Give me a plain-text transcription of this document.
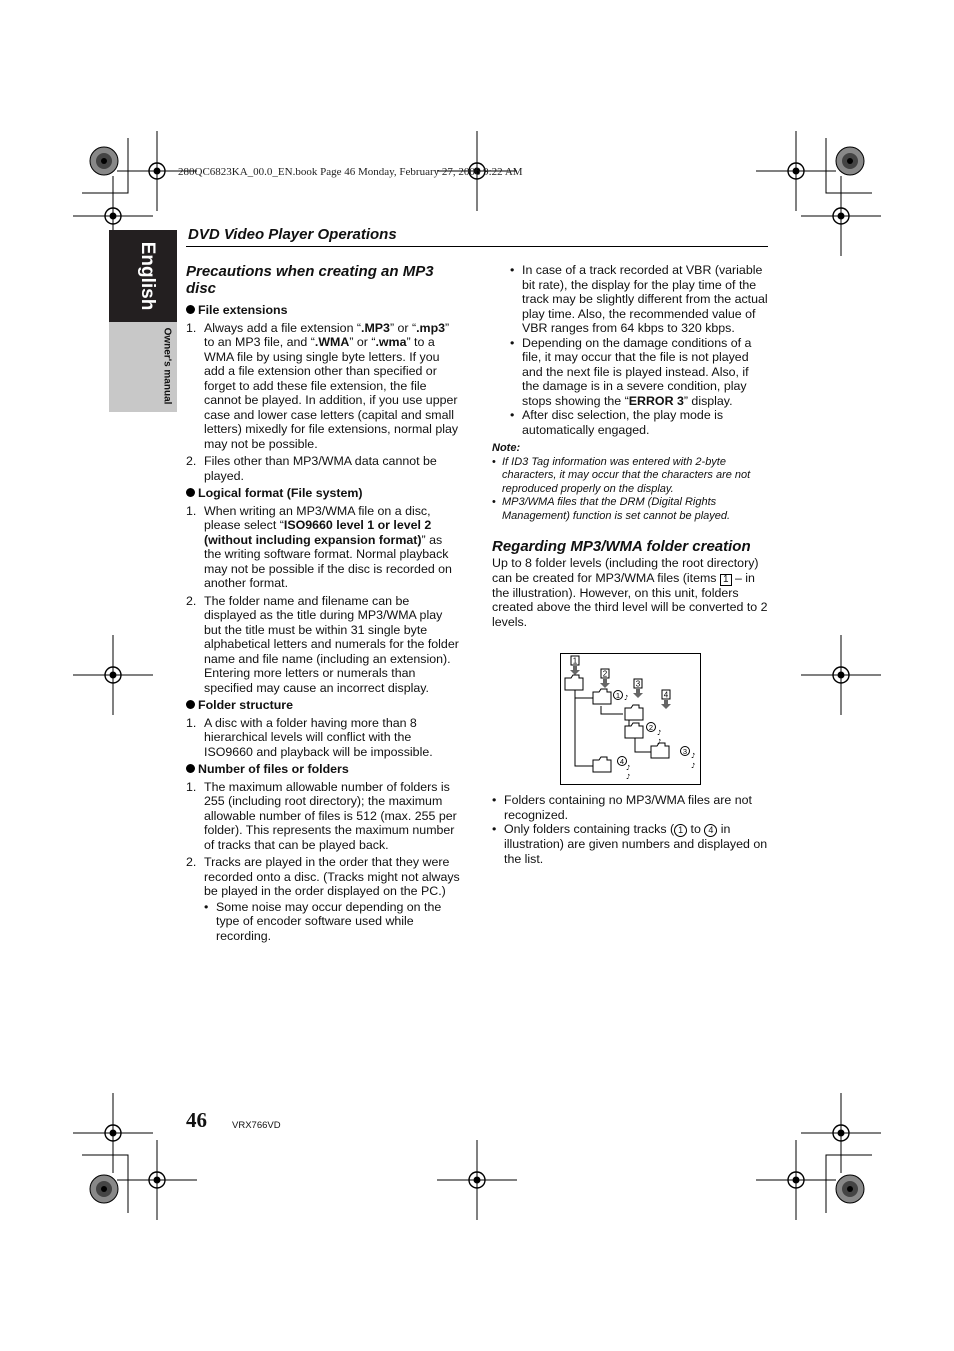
280QC6823KA_00.0_EN.book Page 46 Monday, February 27, 2006 9:22 AM
English
Owner's manual
DVD Video Player Operations
Precautions when creating an MP3 disc
File extensions
1. Always add a file extension “.MP3” or “.mp3” to an MP3 file, and “.WMA” or “.wma” to a WMA file by using single byte letters. If you add a file extension other than specified or forget to add these file extension, the file cannot be played. In addition, if you use upper case and lower case letters (capital and small letters) mixedly for file extensions, normal play may not be possible.
2. Files other than MP3/WMA data cannot be played.
Logical format (File system)
1. When writing an MP3/WMA file on a disc, please select “ISO9660 level 1 or level 2 (without including expansion format)” as the writing software format. Normal playback may not be possible if the disc is recorded on another format.
2. The folder name and filename can be displayed as the title during MP3/WMA play but the title must be within 31 single byte alphabetical letters and numerals for the folder name and file name (including an extension). Entering more letters or numerals than specified may cause an incorrect display.
Folder structure
1. A disc with a folder having more than 8 hierarchical levels will conflict with the ISO9660 and playback will be impossible.
Number of files or folders
1. The maximum allowable number of folders is 255 (including root directory); the maximum allowable number of files is 512 (max. 255 per folder). This represents the maximum number of tracks that can be played back.
2. Tracks are played in the order that they were recorded onto a disc. (Tracks might not always be played in the order displayed on the PC.)
• Some noise may occur depending on the type of encoder software used while recording.
• In case of a track recorded at VBR (variable bit rate), the display for the play time of the track may be slightly different from the actual play time. Also, the recommended value of VBR ranges from 64 kbps to 320 kbps.
• Depending on the damage conditions of a file, it may occur that the file is not played and the next file is played instead. Also, if the damage is in a severe condition, play stops showing the “ERROR 3” display.
• After disc selection, the play mode is automatically engaged.
Note:
• If ID3 Tag information was entered with 2-byte characters, it may occur that the characters are not reproduced properly on the display.
• MP3/WMA files that the DRM (Digital Rights Management) function is set cannot be played.
Regarding MP3/WMA folder creation
Up to 8 folder levels (including the root directory) can be created for MP3/WMA files (items 1 – in the illustration). However, on this unit, folders created above the third level will be converted to 2 levels.
• Folders containing no MP3/WMA files are not recognized.
• Only folders containing tracks ( 1 to 4 in illustration) are given numbers and displayed on the list.
1
2
3
4
1
2
3
4
♪
♪
♪
♪
♪
♪
♪
46	VRX766VD
